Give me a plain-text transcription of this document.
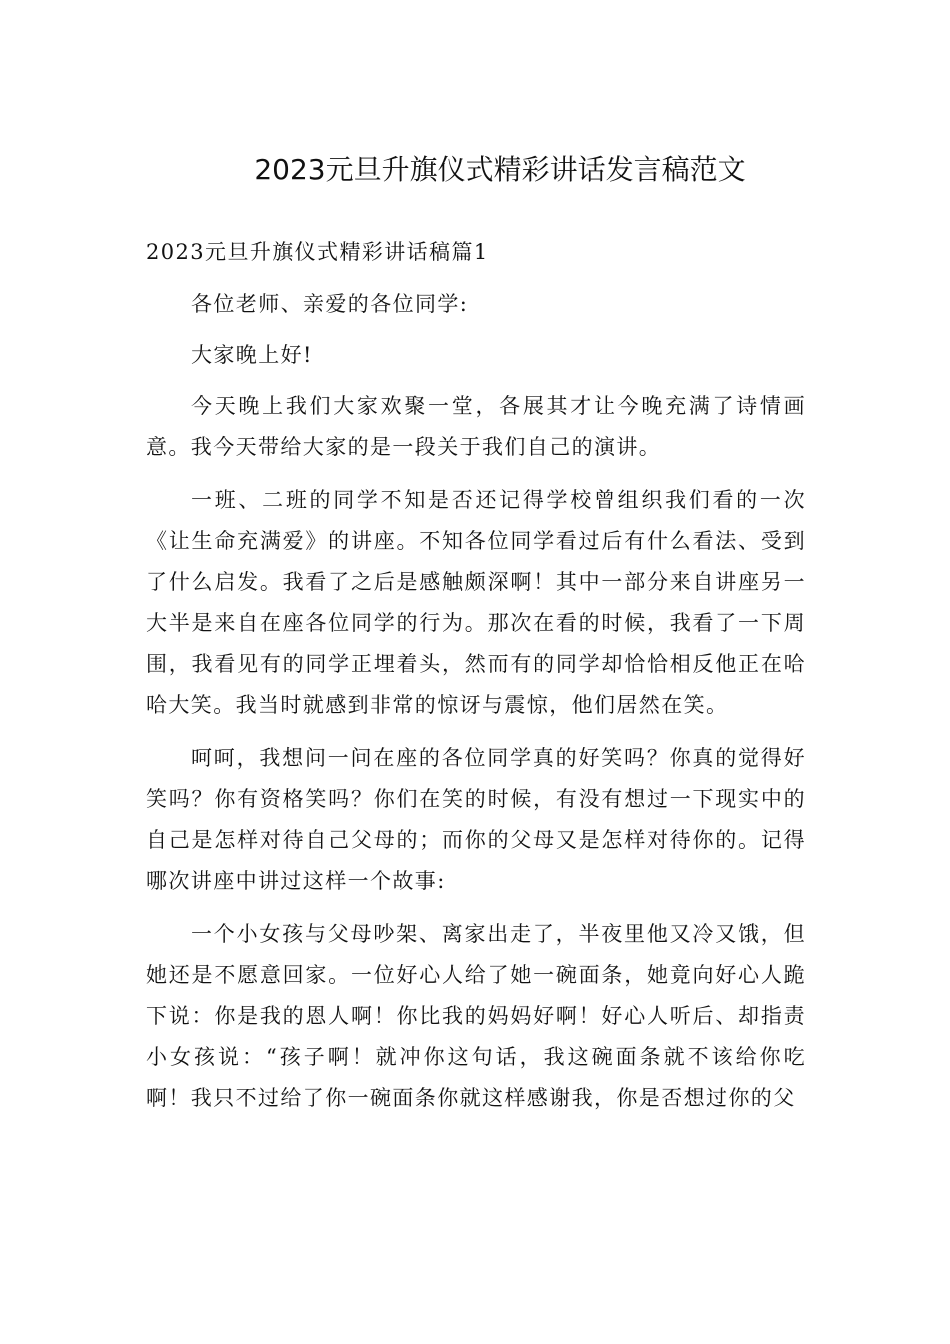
2023元旦升旗仪式精彩讲话发言稿范文

2023元旦升旗仪式精彩讲话稿篇1

各位老师、亲爱的各位同学:

大家晚上好!

今天晚上我们大家欢聚一堂，各展其才让今晚充满了诗情画意。我今天带给大家的是一段关于我们自己的演讲。

一班、二班的同学不知是否还记得学校曾组织我们看的一次《让生命充满爱》的讲座。不知各位同学看过后有什么看法、受到了什么启发。我看了之后是感触颇深啊！其中一部分来自讲座另一大半是来自在座各位同学的行为。那次在看的时候，我看了一下周围，我看见有的同学正埋着头，然而有的同学却恰恰相反他正在哈哈大笑。我当时就感到非常的惊讶与震惊，他们居然在笑。

呵呵，我想问一问在座的各位同学真的好笑吗？你真的觉得好笑吗？你有资格笑吗？你们在笑的时候，有没有想过一下现实中的自己是怎样对待自己父母的；而你的父母又是怎样对待你的。记得哪次讲座中讲过这样一个故事:

一个小女孩与父母吵架、离家出走了，半夜里他又冷又饿，但她还是不愿意回家。一位好心人给了她一碗面条，她竟向好心人跪下说：你是我的恩人啊！你比我的妈妈好啊！好心人听后、却指责小女孩说：“孩子啊！就冲你这句话，我这碗面条就不该给你吃啊！我只不过给了你一碗面条你就这样感谢我，你是否想过你的父
